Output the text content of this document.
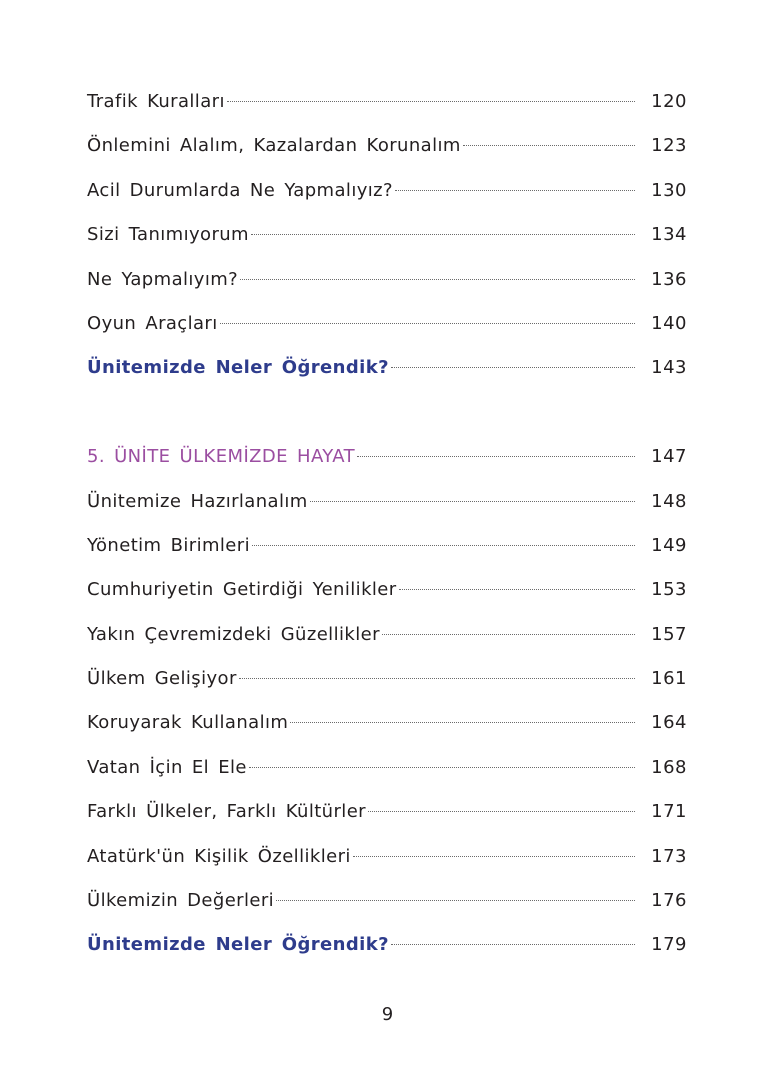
Trafik Kuralları	120
Önlemini Alalım, Kazalardan Korunalım	123
Acil Durumlarda Ne Yapmalıyız?	130
Sizi Tanımıyorum	134
Ne Yapmalıyım?	136
Oyun Araçları	140
Ünitemizde Neler Öğrendik?	143
5. ÜNİTE ÜLKEMİZDE HAYAT	147
Ünitemize Hazırlanalım	148
Yönetim Birimleri	149
Cumhuriyetin Getirdiği Yenilikler	153
Yakın Çevremizdeki Güzellikler	157
Ülkem Gelişiyor	161
Koruyarak Kullanalım	164
Vatan İçin El Ele	168
Farklı Ülkeler, Farklı Kültürler	171
Atatürk'ün Kişilik Özellikleri	173
Ülkemizin Değerleri	176
Ünitemizde Neler Öğrendik?	179
9
